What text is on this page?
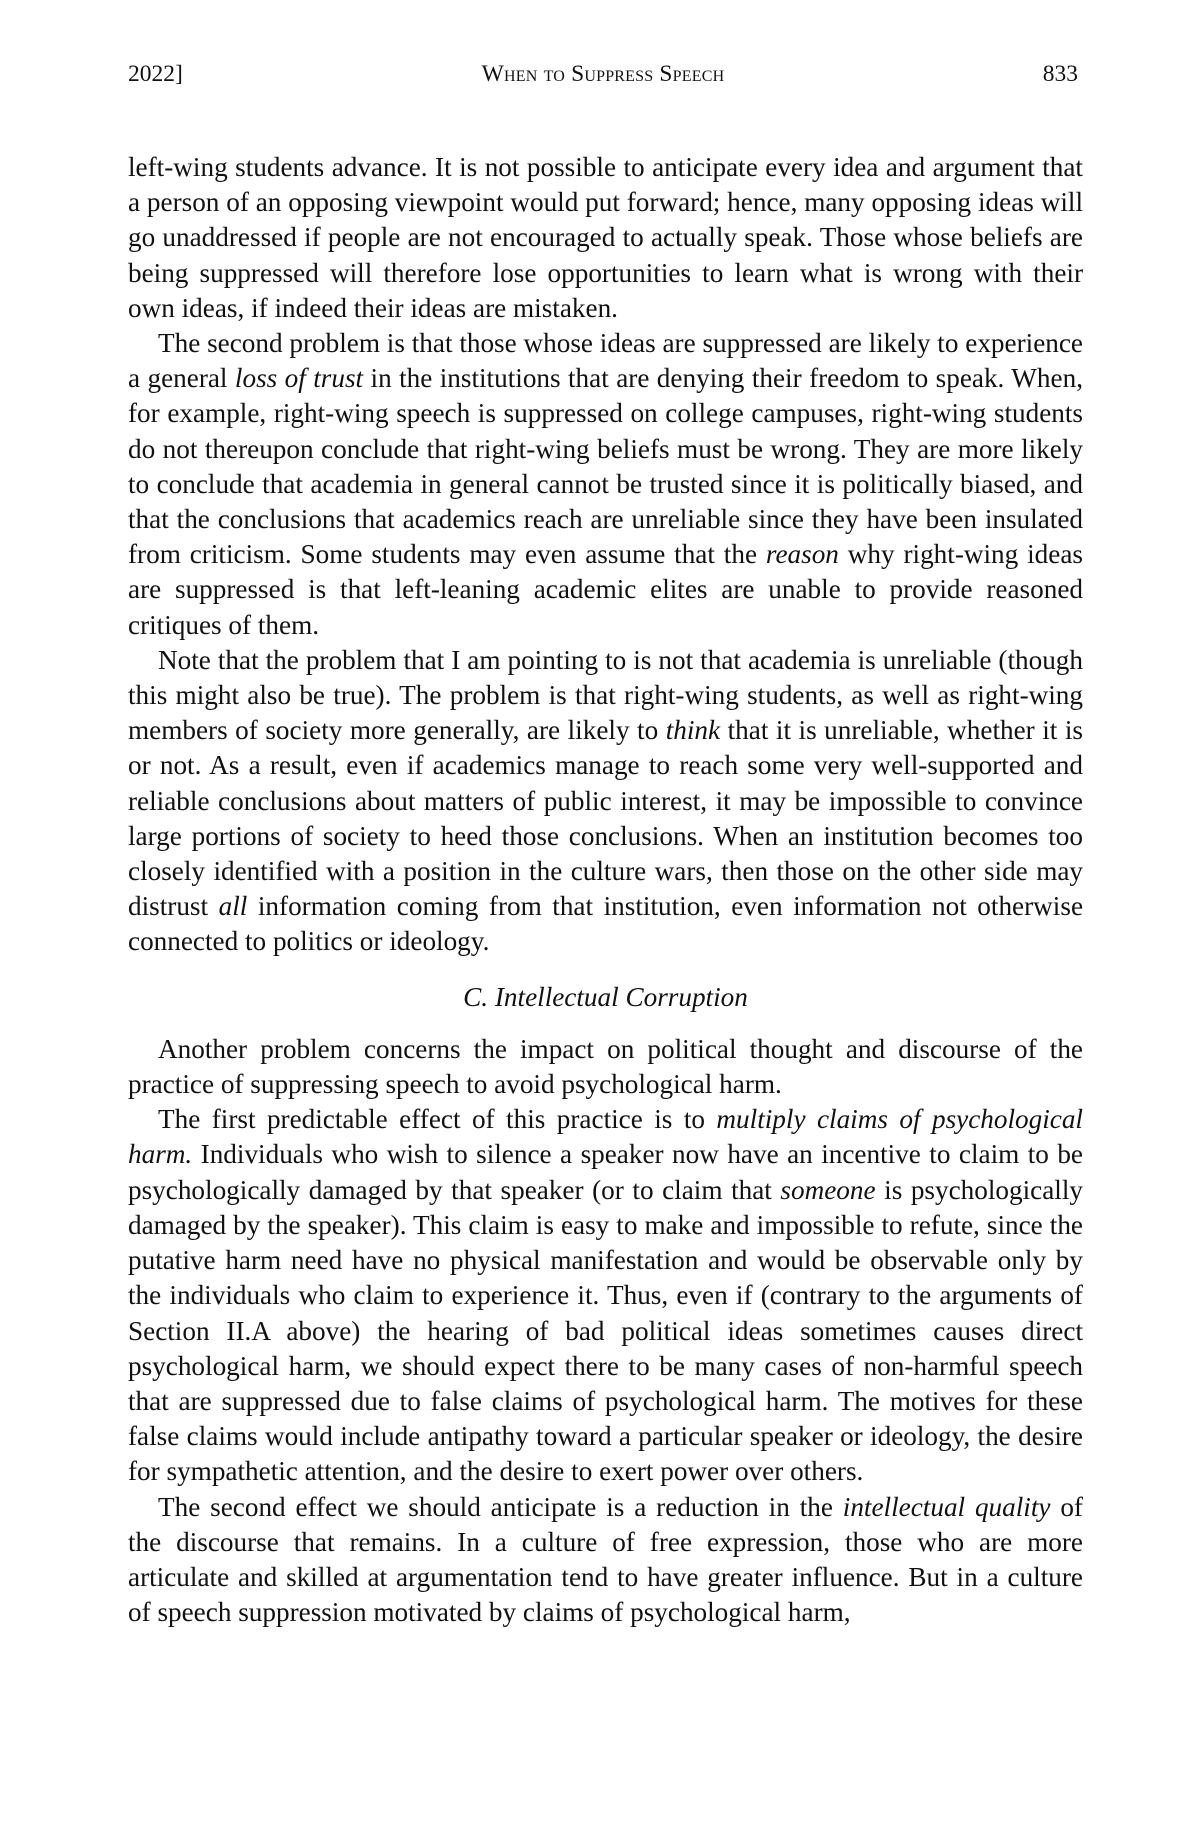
2022]	When to Suppress Speech	833

left-wing students advance. It is not possible to anticipate every idea and argument that a person of an opposing viewpoint would put forward; hence, many opposing ideas will go unaddressed if people are not encouraged to actually speak. Those whose beliefs are being suppressed will therefore lose opportunities to learn what is wrong with their own ideas, if indeed their ideas are mistaken.

The second problem is that those whose ideas are suppressed are likely to experience a general loss of trust in the institutions that are denying their freedom to speak. When, for example, right-wing speech is suppressed on college campuses, right-wing students do not thereupon conclude that right-wing beliefs must be wrong. They are more likely to conclude that academia in general cannot be trusted since it is politically biased, and that the conclusions that academics reach are unreliable since they have been insulated from criticism. Some students may even assume that the reason why right-wing ideas are suppressed is that left-leaning academic elites are unable to provide reasoned critiques of them.

Note that the problem that I am pointing to is not that academia is unreliable (though this might also be true). The problem is that right-wing students, as well as right-wing members of society more generally, are likely to think that it is unreliable, whether it is or not. As a result, even if academics manage to reach some very well-supported and reliable conclusions about matters of public interest, it may be impossible to convince large portions of society to heed those conclusions. When an institution becomes too closely identified with a position in the culture wars, then those on the other side may distrust all information coming from that institution, even information not otherwise connected to politics or ideology.

C. Intellectual Corruption

Another problem concerns the impact on political thought and discourse of the practice of suppressing speech to avoid psychological harm.

The first predictable effect of this practice is to multiply claims of psychological harm. Individuals who wish to silence a speaker now have an incentive to claim to be psychologically damaged by that speaker (or to claim that someone is psychologically damaged by the speaker). This claim is easy to make and impossible to refute, since the putative harm need have no physical manifestation and would be observable only by the individuals who claim to experience it. Thus, even if (contrary to the arguments of Section II.A above) the hearing of bad political ideas sometimes causes direct psychological harm, we should expect there to be many cases of non-harmful speech that are suppressed due to false claims of psychological harm. The motives for these false claims would include antipathy toward a particular speaker or ideology, the desire for sympathetic attention, and the desire to exert power over others.

The second effect we should anticipate is a reduction in the intellectual quality of the discourse that remains. In a culture of free expression, those who are more articulate and skilled at argumentation tend to have greater influence. But in a culture of speech suppression motivated by claims of psychological harm,
